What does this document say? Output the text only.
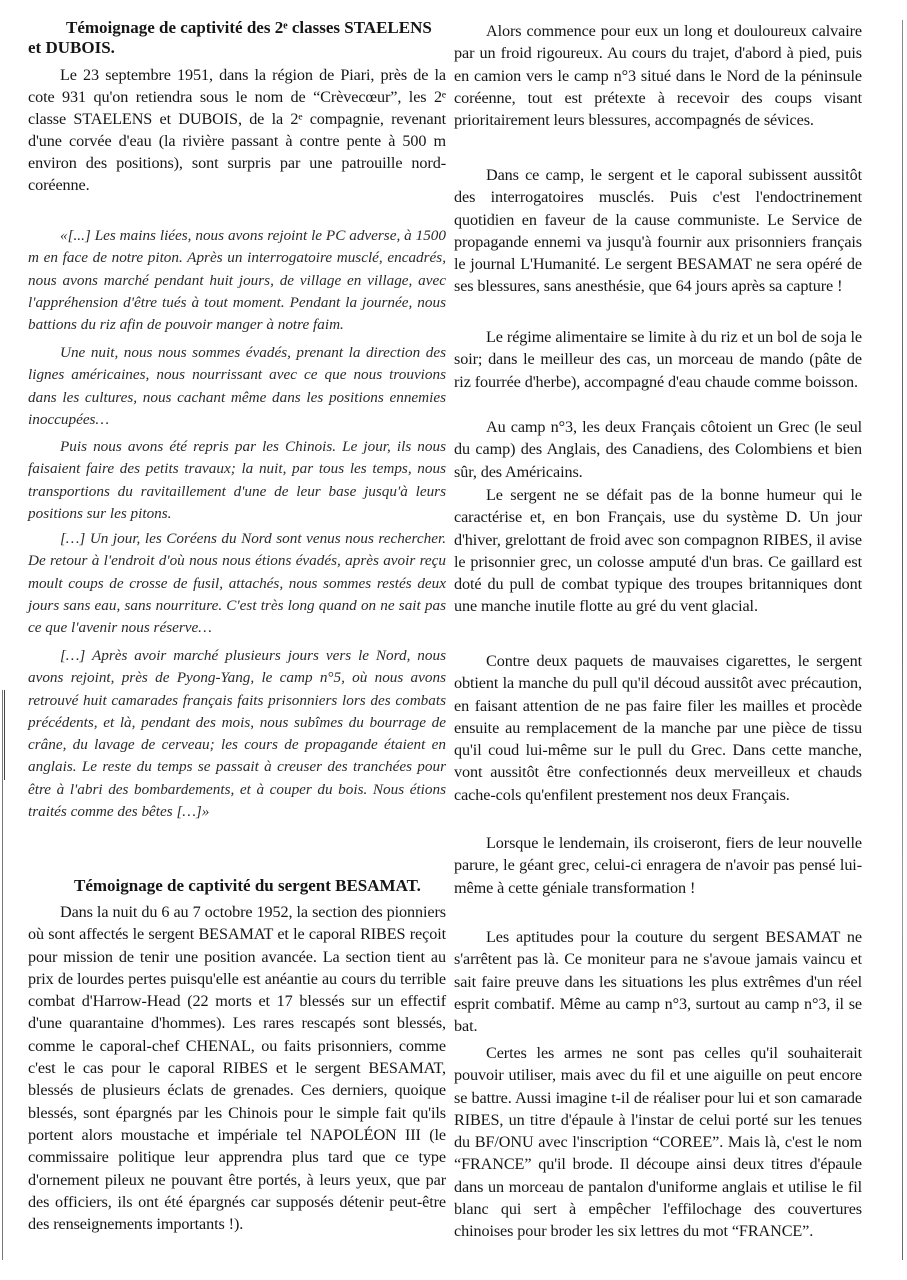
Témoignage de captivité des 2ᵉ classes STAELENS et DUBOIS.

Le 23 septembre 1951, dans la région de Piari, près de la cote 931 qu'on retiendra sous le nom de “Crèvecœur”, les 2ᵉ classe STAELENS et DUBOIS, de la 2ᵉ compagnie, revenant d'une corvée d'eau (la rivière passant à contre pente à 500 m environ des positions), sont surpris par une patrouille nord-coréenne.

«[...] Les mains liées, nous avons rejoint le PC adverse, à 1500 m en face de notre piton. Après un interrogatoire musclé, encadrés, nous avons marché pendant huit jours, de village en village, avec l'appréhension d'être tués à tout moment. Pendant la journée, nous battions du riz afin de pouvoir manger à notre faim.

Une nuit, nous nous sommes évadés, prenant la direction des lignes américaines, nous nourrissant avec ce que nous trouvions dans les cultures, nous cachant même dans les positions ennemies inoccupées…

Puis nous avons été repris par les Chinois. Le jour, ils nous faisaient faire des petits travaux; la nuit, par tous les temps, nous transportions du ravitaillement d'une de leur base jusqu'à leurs positions sur les pitons.

[…] Un jour, les Coréens du Nord sont venus nous rechercher. De retour à l'endroit d'où nous nous étions évadés, après avoir reçu moult coups de crosse de fusil, attachés, nous sommes restés deux jours sans eau, sans nourriture. C'est très long quand on ne sait pas ce que l'avenir nous réserve…

[…] Après avoir marché plusieurs jours vers le Nord, nous avons rejoint, près de Pyong-Yang, le camp n°5, où nous avons retrouvé huit camarades français faits prisonniers lors des combats précédents, et là, pendant des mois, nous subîmes du bourrage de crâne, du lavage de cerveau; les cours de propagande étaient en anglais. Le reste du temps se passait à creuser des tranchées pour être à l'abri des bombardements, et à couper du bois. Nous étions traités comme des bêtes […]»

Témoignage de captivité du sergent BESAMAT.

Dans la nuit du 6 au 7 octobre 1952, la section des pionniers où sont affectés le sergent BESAMAT et le caporal RIBES reçoit pour mission de tenir une position avancée. La section tient au prix de lourdes pertes puisqu'elle est anéantie au cours du terrible combat d'Harrow-Head (22 morts et 17 blessés sur un effectif d'une quarantaine d'hommes). Les rares rescapés sont blessés, comme le caporal-chef CHENAL, ou faits prisonniers, comme c'est le cas pour le caporal RIBES et le sergent BESAMAT, blessés de plusieurs éclats de grenades. Ces derniers, quoique blessés, sont épargnés par les Chinois pour le simple fait qu'ils portent alors moustache et impériale tel NAPOLÉON III (le commissaire politique leur apprendra plus tard que ce type d'ornement pileux ne pouvant être portés, à leurs yeux, que par des officiers, ils ont été épargnés car supposés détenir peut-être des renseignements importants !).

Alors commence pour eux un long et douloureux calvaire par un froid rigoureux. Au cours du trajet, d'abord à pied, puis en camion vers le camp n°3 situé dans le Nord de la péninsule coréenne, tout est prétexte à recevoir des coups visant prioritairement leurs blessures, accompagnés de sévices.

Dans ce camp, le sergent et le caporal subissent aussitôt des interrogatoires musclés. Puis c'est l'endoctrinement quotidien en faveur de la cause communiste. Le Service de propagande ennemi va jusqu'à fournir aux prisonniers français le journal L'Humanité. Le sergent BESAMAT ne sera opéré de ses blessures, sans anesthésie, que 64 jours après sa capture !

Le régime alimentaire se limite à du riz et un bol de soja le soir; dans le meilleur des cas, un morceau de mando (pâte de riz fourrée d'herbe), accompagné d'eau chaude comme boisson.

Au camp n°3, les deux Français côtoient un Grec (le seul du camp) des Anglais, des Canadiens, des Colombiens et bien sûr, des Américains.

Le sergent ne se défait pas de la bonne humeur qui le caractérise et, en bon Français, use du système D. Un jour d'hiver, grelottant de froid avec son compagnon RIBES, il avise le prisonnier grec, un colosse amputé d'un bras. Ce gaillard est doté du pull de combat typique des troupes britanniques dont une manche inutile flotte au gré du vent glacial.

Contre deux paquets de mauvaises cigarettes, le sergent obtient la manche du pull qu'il découd aussitôt avec précaution, en faisant attention de ne pas faire filer les mailles et procède ensuite au remplacement de la manche par une pièce de tissu qu'il coud lui-même sur le pull du Grec. Dans cette manche, vont aussitôt être confectionnés deux merveilleux et chauds cache-cols qu'enfilent prestement nos deux Français.

Lorsque le lendemain, ils croiseront, fiers de leur nouvelle parure, le géant grec, celui-ci enragera de n'avoir pas pensé lui-même à cette géniale transformation !

Les aptitudes pour la couture du sergent BESAMAT ne s'arrêtent pas là. Ce moniteur para ne s'avoue jamais vaincu et sait faire preuve dans les situations les plus extrêmes d'un réel esprit combatif. Même au camp n°3, surtout au camp n°3, il se bat.

Certes les armes ne sont pas celles qu'il souhaiterait pouvoir utiliser, mais avec du fil et une aiguille on peut encore se battre. Aussi imagine t-il de réaliser pour lui et son camarade RIBES, un titre d'épaule à l'instar de celui porté sur les tenues du BF/ONU avec l'inscription “COREE”. Mais là, c'est le nom “FRANCE” qu'il brode. Il découpe ainsi deux titres d'épaule dans un morceau de pantalon d'uniforme anglais et utilise le fil blanc qui sert à empêcher l'effilochage des couvertures chinoises pour broder les six lettres du mot “FRANCE”.
